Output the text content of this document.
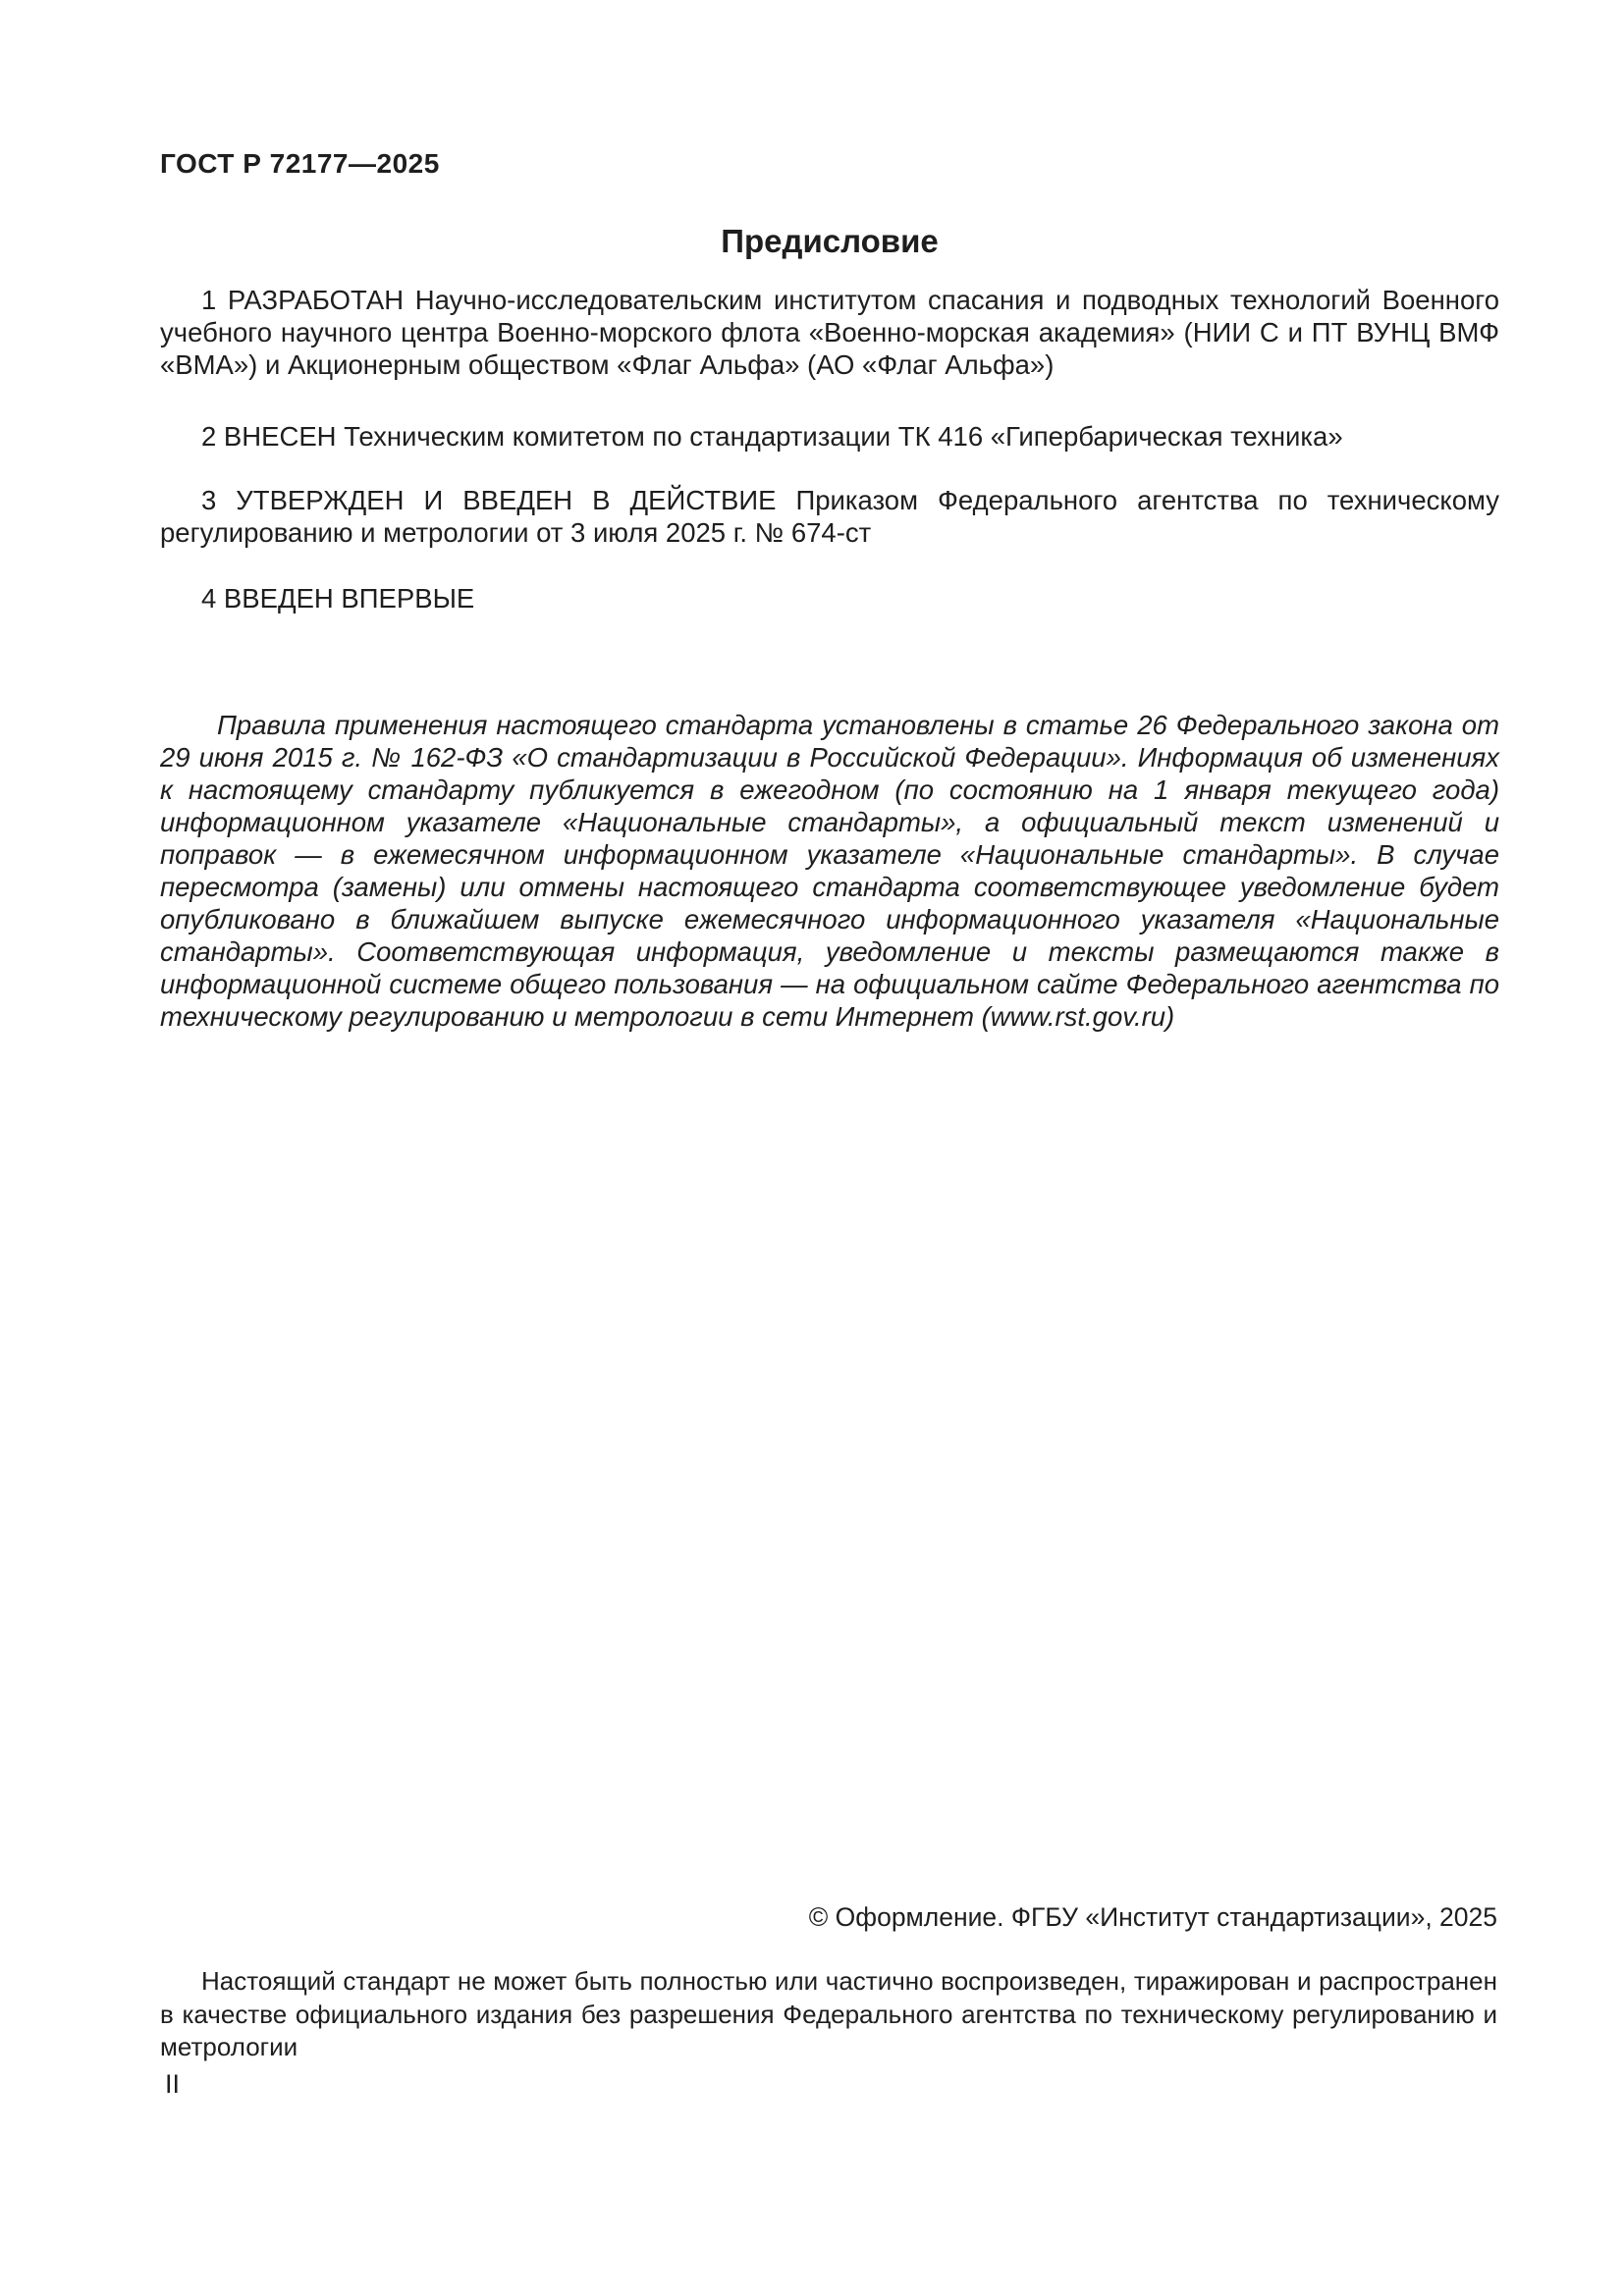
ГОСТ Р 72177—2025
Предисловие

1 РАЗРАБОТАН Научно-исследовательским институтом спасания и подводных технологий Военного учебного научного центра Военно-морского флота «Военно-морская академия» (НИИ С и ПТ ВУНЦ ВМФ «ВМА») и Акционерным обществом «Флаг Альфа» (АО «Флаг Альфа»)

2 ВНЕСЕН Техническим комитетом по стандартизации ТК 416 «Гипербарическая техника»

3 УТВЕРЖДЕН И ВВЕДЕН В ДЕЙСТВИЕ Приказом Федерального агентства по техническому регулированию и метрологии от 3 июля 2025 г. № 674-ст

4 ВВЕДЕН ВПЕРВЫЕ

Правила применения настоящего стандарта установлены в статье 26 Федерального закона от 29 июня 2015 г. № 162-ФЗ «О стандартизации в Российской Федерации». Информация об изменениях к настоящему стандарту публикуется в ежегодном (по состоянию на 1 января текущего года) информационном указателе «Национальные стандарты», а официальный текст изменений и поправок — в ежемесячном информационном указателе «Национальные стандарты». В случае пересмотра (замены) или отмены настоящего стандарта соответствующее уведомление будет опубликовано в ближайшем выпуске ежемесячного информационного указателя «Национальные стандарты». Соответствующая информация, уведомление и тексты размещаются также в информационной системе общего пользования — на официальном сайте Федерального агентства по техническому регулированию и метрологии в сети Интернет (www.rst.gov.ru)

© Оформление. ФГБУ «Институт стандартизации», 2025

Настоящий стандарт не может быть полностью или частично воспроизведен, тиражирован и распространен в качестве официального издания без разрешения Федерального агентства по техническому регулированию и метрологии

II
